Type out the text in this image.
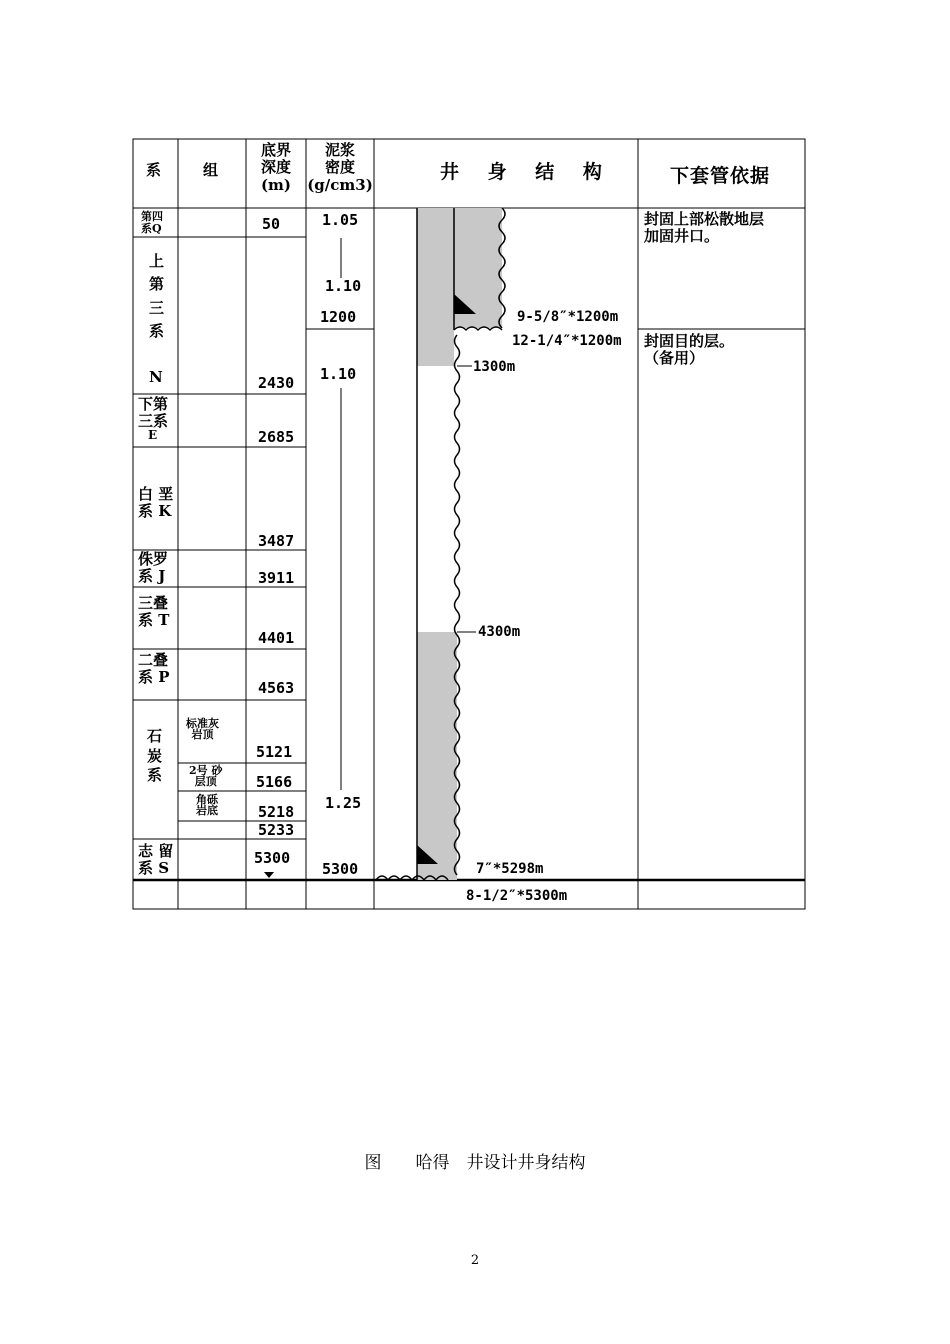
系	组
底界
深度
(m)
泥浆
密度
(g/cm3)
井 身 结 构	下套管依据
第四
系Q
上
第
三
系

N
下第
三系
E
白 垩
系 K
侏罗
系 J
三叠
系 T
二叠
系 P
石
炭
系
志 留
系 S
标准灰
岩顶
2号 砂
层顶
角砾
岩底
50
2430
2685
3487
3911
4401
4563
5121
5166
5218
5233
5300
1.05
1.10
1200
1.10
1.25
5300
9-5/8″*1200m
12-1/4″*1200m
1300m
4300m
7″*5298m
8-1/2″*5300m
封固上部松散地层
加固井口。
封固目的层。
（备用）
图　　哈得　井设计井身结构
2
